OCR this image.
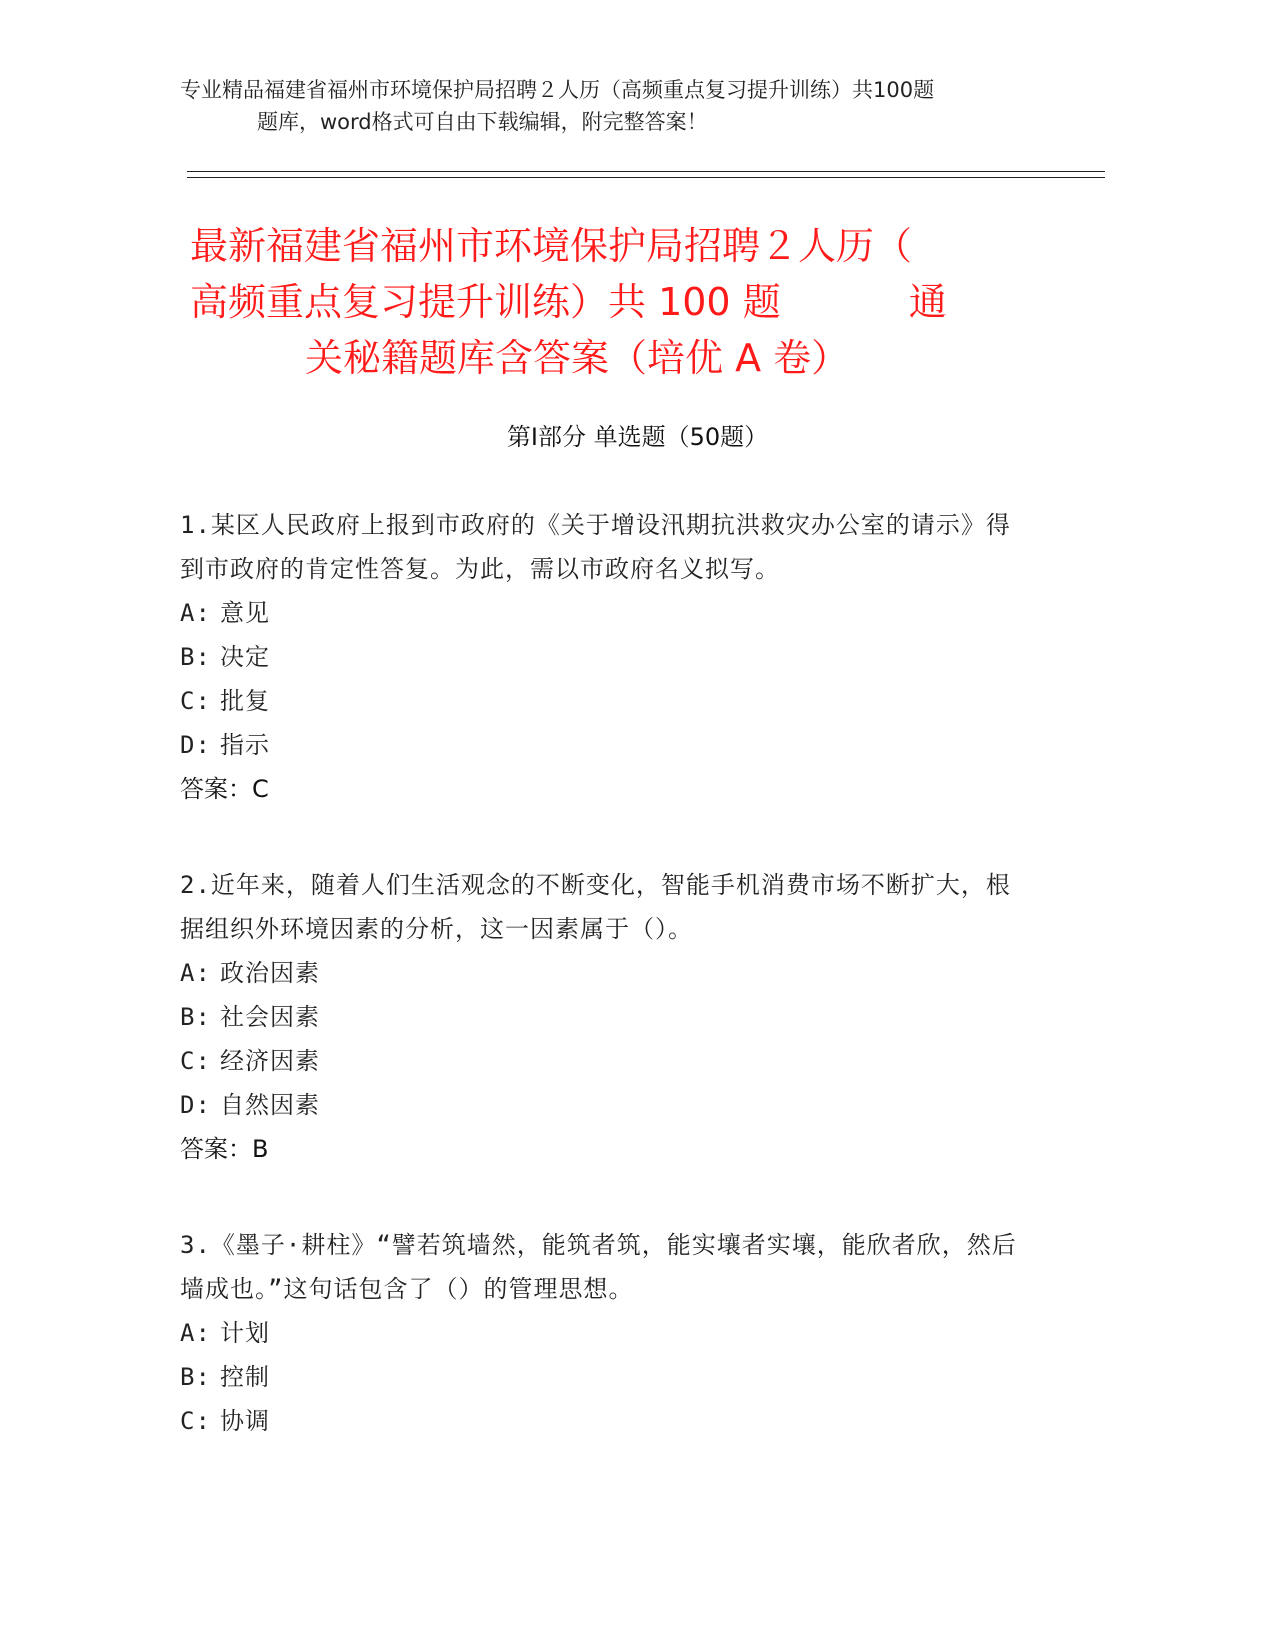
专业精品福建省福州市环境保护局招聘２人历（高频重点复习提升训练）共100题
题库，word格式可自由下载编辑，附完整答案！
最新福建省福州市环境保护局招聘２人历（
高频重点复习提升训练）共 100 题	通
关秘籍题库含答案（培优 A 卷）
第Ⅰ部分 单选题（50题）
1.某区人民政府上报到市政府的《关于增设汛期抗洪救灾办公室的请示》得到市政府的肯定性答复。为此，需以市政府名义拟写。
A: 意见
B: 决定
C: 批复
D: 指示
答案：C
2.近年来，随着人们生活观念的不断变化，智能手机消费市场不断扩大，根据组织外环境因素的分析，这一因素属于（）。
A: 政治因素
B: 社会因素
C: 经济因素
D: 自然因素
答案：B
3.《墨子·耕柱》“譬若筑墙然，能筑者筑，能实壤者实壤，能欣者欣，然后墙成也。”这句话包含了（）的管理思想。
A: 计划
B: 控制
C: 协调
